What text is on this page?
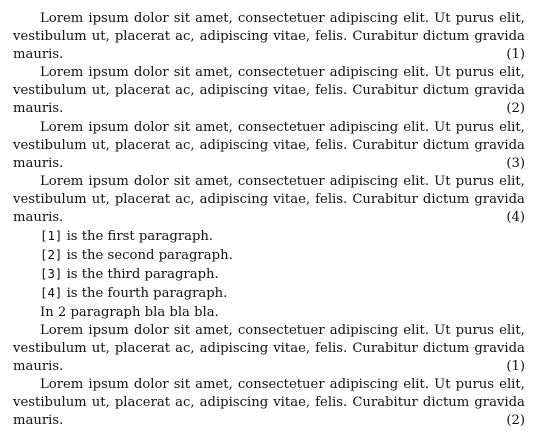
Lorem ipsum dolor sit amet, consectetuer adipiscing elit. Ut purus elit,
vestibulum ut, placerat ac, adipiscing vitae, felis. Curabitur dictum gravida
mauris.	(1)
Lorem ipsum dolor sit amet, consectetuer adipiscing elit. Ut purus elit,
vestibulum ut, placerat ac, adipiscing vitae, felis. Curabitur dictum gravida
mauris.	(2)
Lorem ipsum dolor sit amet, consectetuer adipiscing elit. Ut purus elit,
vestibulum ut, placerat ac, adipiscing vitae, felis. Curabitur dictum gravida
mauris.	(3)
Lorem ipsum dolor sit amet, consectetuer adipiscing elit. Ut purus elit,
vestibulum ut, placerat ac, adipiscing vitae, felis. Curabitur dictum gravida
mauris.	(4)
[1] is the first paragraph.
[2] is the second paragraph.
[3] is the third paragraph.
[4] is the fourth paragraph.
In 2 paragraph bla bla bla.
Lorem ipsum dolor sit amet, consectetuer adipiscing elit. Ut purus elit,
vestibulum ut, placerat ac, adipiscing vitae, felis. Curabitur dictum gravida
mauris.	(1)
Lorem ipsum dolor sit amet, consectetuer adipiscing elit. Ut purus elit,
vestibulum ut, placerat ac, adipiscing vitae, felis. Curabitur dictum gravida
mauris.	(2)
